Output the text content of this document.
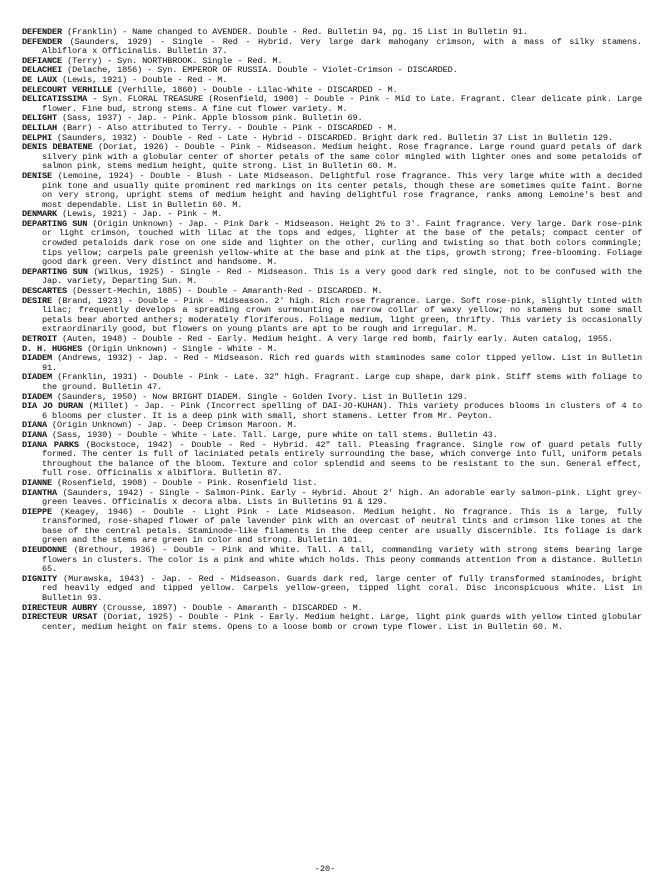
DEFENDER (Franklin) - Name changed to AVENDER. Double - Red. Bulletin 94, pg. 15 List in Bulletin 91.

DEFENDER (Saunders, 1929) - Single - Red - Hybrid. Very large dark mahogany crimson, with a mass of silky stamens. Albiflora x Officinalis. Bulletin 37.

DEFIANCE (Terry) - Syn. NORTHBROOK. Single - Red. M.

DELACHEI (Delache, 1856) - Syn. EMPEROR OF RUSSIA. Double - Violet-Crimson - DISCARDED.

DE LAUX (Lewis, 1921) - Double - Red - M.

DELECOURT VERHILLE (Verhille, 1860) - Double - Lilac-White - DISCARDED - M.

DELICATISSIMA - Syn. FLORAL TREASURE (Rosenfield, 1900) - Double - Pink - Mid to Late. Fragrant. Clear delicate pink. Large flower. Fine bud, strong stems. A fine cut flower variety. M.

DELIGHT (Sass, 1937) - Jap. - Pink. Apple blossom pink. Bulletin 69.

DELILAH (Barr) - Also attributed to Terry. - Double - Pink - DISCARDED - M.

DELPHI (Saunders, 1932) - Double - Red - Late - Hybrid - DISCARDED. Bright dark red. Bulletin 37 List in Bulletin 129.

DENIS DEBATENE (Doriat, 1926) - Double - Pink - Midseason. Medium height. Rose fragrance. Large round guard petals of dark silvery pink with a globular center of shorter petals of the same color mingled with lighter ones and some petaloids of salmon pink, stems medium height, quite strong. List in Bulletin 60. M.

DENISE (Lemoine, 1924) - Double - Blush - Late Midseason. Delightful rose fragrance. This very large white with a decided pink tone and usually quite prominent red markings on its center petals, though these are sometimes quite faint. Borne on very strong, upright stems of medium height and having delightful rose fragrance, ranks among Lemoine's best and most dependable. List in Bulletin 60. M.

DENMARK (Lewis, 1921) - Jap. - Pink - M.

DEPARTING SUN (Origin Unknown) - Jap. - Pink Dark - Midseason. Height 2½ to 3'. Faint fragrance. Very large. Dark rose-pink or light crimson, touched with lilac at the tops and edges, lighter at the base of the petals; compact center of crowded petaloids dark rose on one side and lighter on the other, curling and twisting so that both colors commingle; tips yellow; carpels pale greenish yellow-white at the base and pink at the tips, growth strong; free-blooming. Foliage good dark green. Very distinct and handsome. M.

DEPARTING SUN (Wilkus, 1925) - Single - Red - Midseason. This is a very good dark red single, not to be confused with the Jap. variety, Departing Sun. M.

DESCARTES (Dessert-Mechin, 1885) - Double - Amaranth-Red - DISCARDED. M.

DESIRE (Brand, 1923) - Double - Pink - Midseason. 2' high. Rich rose fragrance. Large. Soft rose-pink, slightly tinted with lilac; frequently develops a spreading crown surmounting a narrow collar of waxy yellow; no stamens but some small petals bear aborted anthers; moderately floriferous. Foliage medium, light green, thrifty. This variety is occasionally extraordinarily good, but flowers on young plants are apt to be rough and irregular. M.

DETROIT (Auten, 1948) - Double - Red - Early. Medium height. A very large red bomb, fairly early. Auten catalog, 1955.

D. H. HUGHES (Origin Unknown) - Single - White - M.

DIADEM (Andrews, 1932) - Jap. - Red - Midseason. Rich red guards with staminodes same color tipped yellow. List in Bulletin 91.

DIADEM (Franklin, 1931) - Double - Pink - Late. 32" high. Fragrant. Large cup shape, dark pink. Stiff stems with foliage to the ground. Bulletin 47.

DIADEM (Saunders, 1950) - Now BRIGHT DIADEM. Single - Golden Ivory. List in Bulletin 129.

DIA JO DURAN (Millet) - Jap. - Pink (Incorrect spelling of DAI-JO-KUHAN). This variety produces blooms in clusters of 4 to 6 blooms per cluster. It is a deep pink with small, short stamens. Letter from Mr. Peyton.

DIANA (Origin Unknown) - Jap. - Deep Crimson Maroon. M.

DIANA (Sass, 1930) - Double - White - Late. Tall. Large, pure white on tall stems. Bulletin 43.

DIANA PARKS (Bockstoce, 1942) - Double - Red - Hybrid. 42" tall. Pleasing fragrance. Single row of guard petals fully formed. The center is full of laciniated petals entirely surrounding the base, which converge into full, uniform petals throughout the balance of the bloom. Texture and color splendid and seems to be resistant to the sun. General effect, full rose. Officinalis x albiflora. Bulletin 87.

DIANNE (Rosenfield, 1908) - Double - Pink. Rosenfield list.

DIANTHA (Saunders, 1942) - Single - Salmon-Pink. Early - Hybrid. About 2' high. An adorable early salmon-pink. Light grey-green leaves. Officinalis x decora alba. Lists in Bulletins 91 & 129.

DIEPPE (Keagey, 1946) - Double - Light Pink - Late Midseason. Medium height. No fragrance. This is a large, fully transformed, rose-shaped flower of pale lavender pink with an overcast of neutral tints and crimson like tones at the base of the central petals. Staminode-like filaments in the deep center are usually discernible. Its foliage is dark green and the stems are green in color and strong. Bulletin 101.

DIEUDONNE (Brethour, 1936) - Double - Pink and White. Tall. A tall, commanding variety with strong stems bearing large flowers in clusters. The color is a pink and white which holds. This peony commands attention from a distance. Bulletin 65.

DIGNITY (Murawska, 1943) - Jap. - Red - Midseason. Guards dark red, large center of fully transformed staminodes, bright red heavily edged and tipped yellow. Carpels yellow-green, tipped light coral. Disc inconspicuous white. List in Bulletin 93.

DIRECTEUR AUBRY (Crousse, 1897) - Double - Amaranth - DISCARDED - M.

DIRECTEUR URSAT (Doriat, 1925) - Double - Pink - Early. Medium height. Large, light pink guards with yellow tinted globular center, medium height on fair stems. Opens to a loose bomb or crown type flower. List in Bulletin 60. M.

-20-
